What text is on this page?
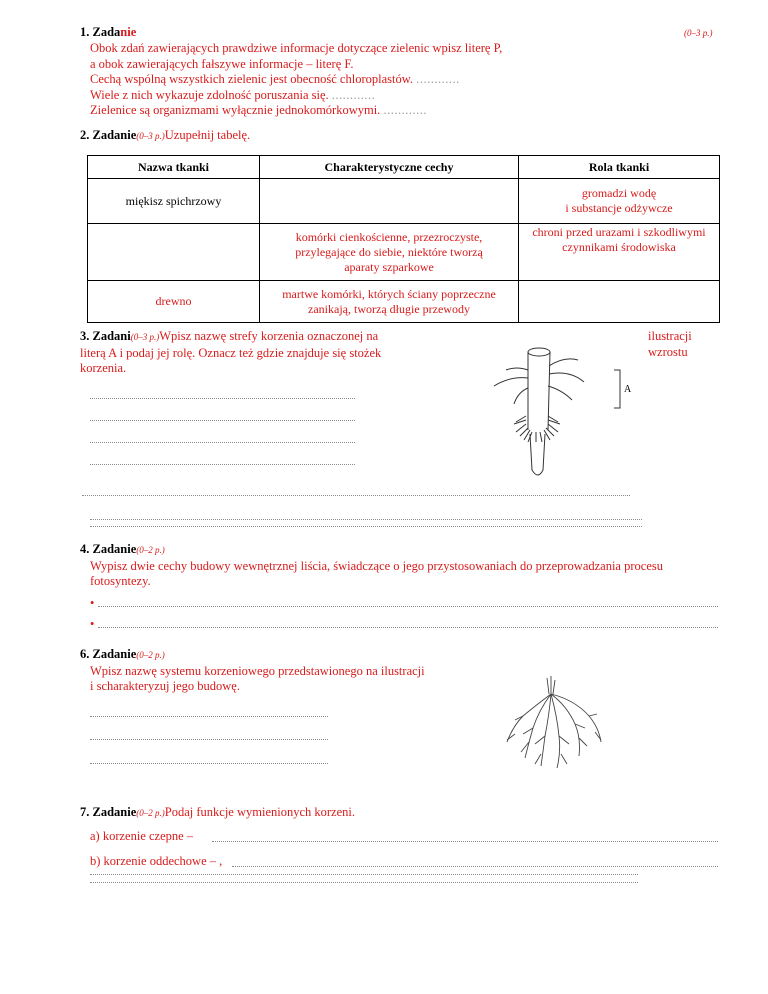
1. Zadanie	(0–3 p.)
Obok zdań zawierających prawdziwe informacje dotyczące zielenic wpisz literę P,
a obok zawierających fałszywe informacje – literę F.
Cechą wspólną wszystkich zielenic jest obecność chloroplastów. ............
Wiele z nich wykazuje zdolność poruszania się. ............
Zielenice są organizmami wyłącznie jednokomórkowymi. ............
2. Zadanie(0–3 p.)Uzupełnij tabelę.
Nazwa tkanki	Charakterystyczne cechy	Rola tkanki
miękisz spichrzowy		gromadzi wodę
i substancje odżywcze
	komórki cienkościenne, przezroczyste,
przylegające do siebie, niektóre tworzą
aparaty szparkowe	chroni przed urazami i szkodliwymi
czynnikami środowiska
drewno	martwe komórki, których ściany poprzeczne
zanikają, tworzą długie przewody	
3. Zadani(0–3 p.)Wpisz nazwę strefy korzenia oznaczonej na
literą A i podaj jej rolę. Oznacz też gdzie znajduje się stożek
korzenia.
ilustracji
wzrostu
A
4. Zadanie(0–2 p.)
Wypisz dwie cechy budowy wewnętrznej liścia, świadczące o jego przystosowaniach do przeprowadzania procesu
fotosyntezy.
•
•
6. Zadanie(0–2 p.)
Wpisz nazwę systemu korzeniowego przedstawionego na ilustracji
i scharakteryzuj jego budowę.
7. Zadanie(0–2 p.)Podaj funkcje wymienionych korzeni.
a) korzenie czepne –
b) korzenie oddechowe – ,
